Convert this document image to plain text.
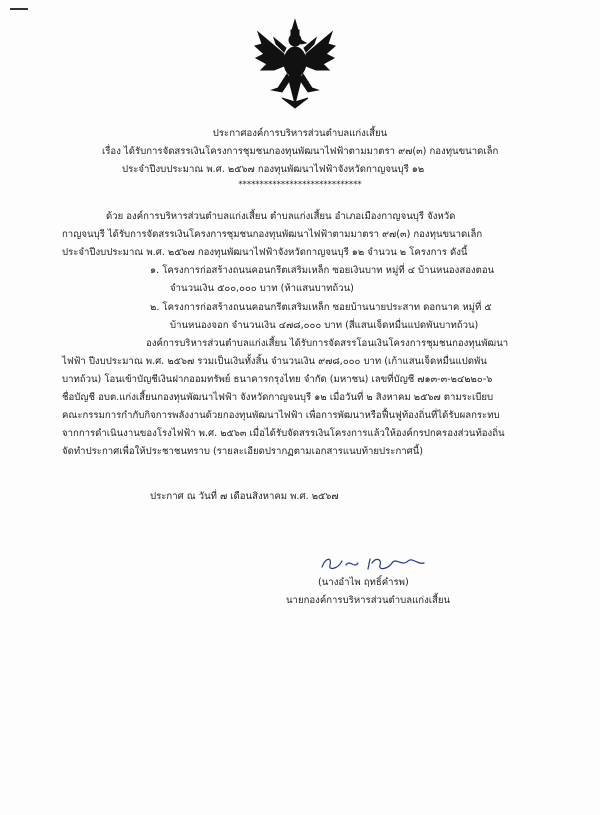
ประกาศองค์การบริหารส่วนตำบลแก่งเสี้ยน
เรื่อง ได้รับการจัดสรรเงินโครงการชุมชนกองทุนพัฒนาไฟฟ้าตามมาตรา ๙๗(๓) กองทุนขนาดเล็ก
ประจำปีงบประมาณ พ.ศ. ๒๕๖๗ กองทุนพัฒนาไฟฟ้าจังหวัดกาญจนบุรี ๑๒
*****************************
ด้วย องค์การบริหารส่วนตำบลแก่งเสี้ยน ตำบลแก่งเสี้ยน อำเภอเมืองกาญจนบุรี จังหวัด
กาญจนบุรี ได้รับการจัดสรรเงินโครงการชุมชนกองทุนพัฒนาไฟฟ้าตามมาตรา ๙๗(๓) กองทุนขนาดเล็ก
ประจำปีงบประมาณ พ.ศ. ๒๕๖๗ กองทุนพัฒนาไฟฟ้าจังหวัดกาญจนบุรี ๑๒ จำนวน ๒ โครงการ ดังนี้
๑. โครงการก่อสร้างถนนคอนกรีตเสริมเหล็ก ซอยเงินบาท หมู่ที่ ๔ บ้านหนองสองตอน
จำนวนเงิน ๕๐๐,๐๐๐ บาท (ห้าแสนบาทถ้วน)
๒. โครงการก่อสร้างถนนคอนกรีตเสริมเหล็ก ซอยบ้านนายประสาท ดอกนาค หมู่ที่ ๕
บ้านหนองจอก จำนวนเงิน ๔๗๘,๐๐๐ บาท (สี่แสนเจ็ดหมื่นแปดพันบาทถ้วน)
องค์การบริหารส่วนตำบลแก่งเสี้ยน ได้รับการจัดสรรโอนเงินโครงการชุมชนกองทุนพัฒนา
ไฟฟ้า ปีงบประมาณ พ.ศ. ๒๕๖๗ รวมเป็นเงินทั้งสิ้น จำนวนเงิน ๙๗๘,๐๐๐ บาท (เก้าแสนเจ็ดหมื่นแปดพัน
บาทถ้วน) โอนเข้าบัญชีเงินฝากออมทรัพย์ ธนาคารกรุงไทย จำกัด (มหาชน) เลขที่บัญชี ๗๑๓-๓-๒๔๒๒๐-๖
ชื่อบัญชี อบต.แก่งเสี้ยนกองทุนพัฒนาไฟฟ้า จังหวัดกาญจนบุรี ๑๒ เมื่อวันที่ ๒ สิงหาคม ๒๕๖๗ ตามระเบียบ
คณะกรรมการกำกับกิจการพลังงานด้วยกองทุนพัฒนาไฟฟ้า เพื่อการพัฒนาหรือฟื้นฟูท้องถิ่นที่ได้รับผลกระทบ
จากการดำเนินงานของโรงไฟฟ้า พ.ศ. ๒๕๖๓ เมื่อได้รับจัดสรรเงินโครงการแล้วให้องค์กรปกครองส่วนท้องถิ่น
จัดทำประกาศเพื่อให้ประชาชนทราบ (รายละเอียดปรากฏตามเอกสารแนบท้ายประกาศนี้)
ประกาศ ณ วันที่ ๗ เดือนสิงหาคม พ.ศ. ๒๕๖๗
(นางอำไพ ฤทธิ์คำรพ)
นายกองค์การบริหารส่วนตำบลแก่งเสี้ยน
